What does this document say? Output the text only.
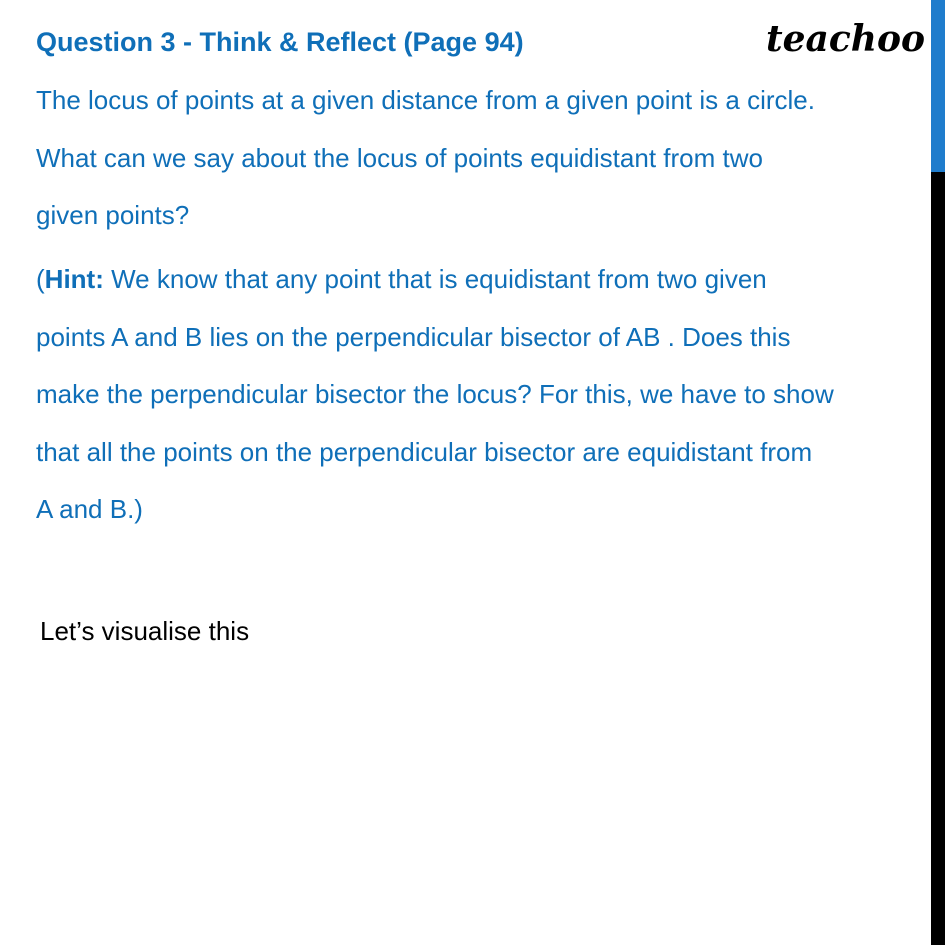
Question 3 - Think & Reflect (Page 94)	teachoo

The locus of points at a given distance from a given point is a circle.
What can we say about the locus of points equidistant from two
given points?

(Hint: We know that any point that is equidistant from two given
points A and B lies on the perpendicular bisector of AB . Does this
make the perpendicular bisector the locus? For this, we have to show
that all the points on the perpendicular bisector are equidistant from
A and B.)

Let’s visualise this
